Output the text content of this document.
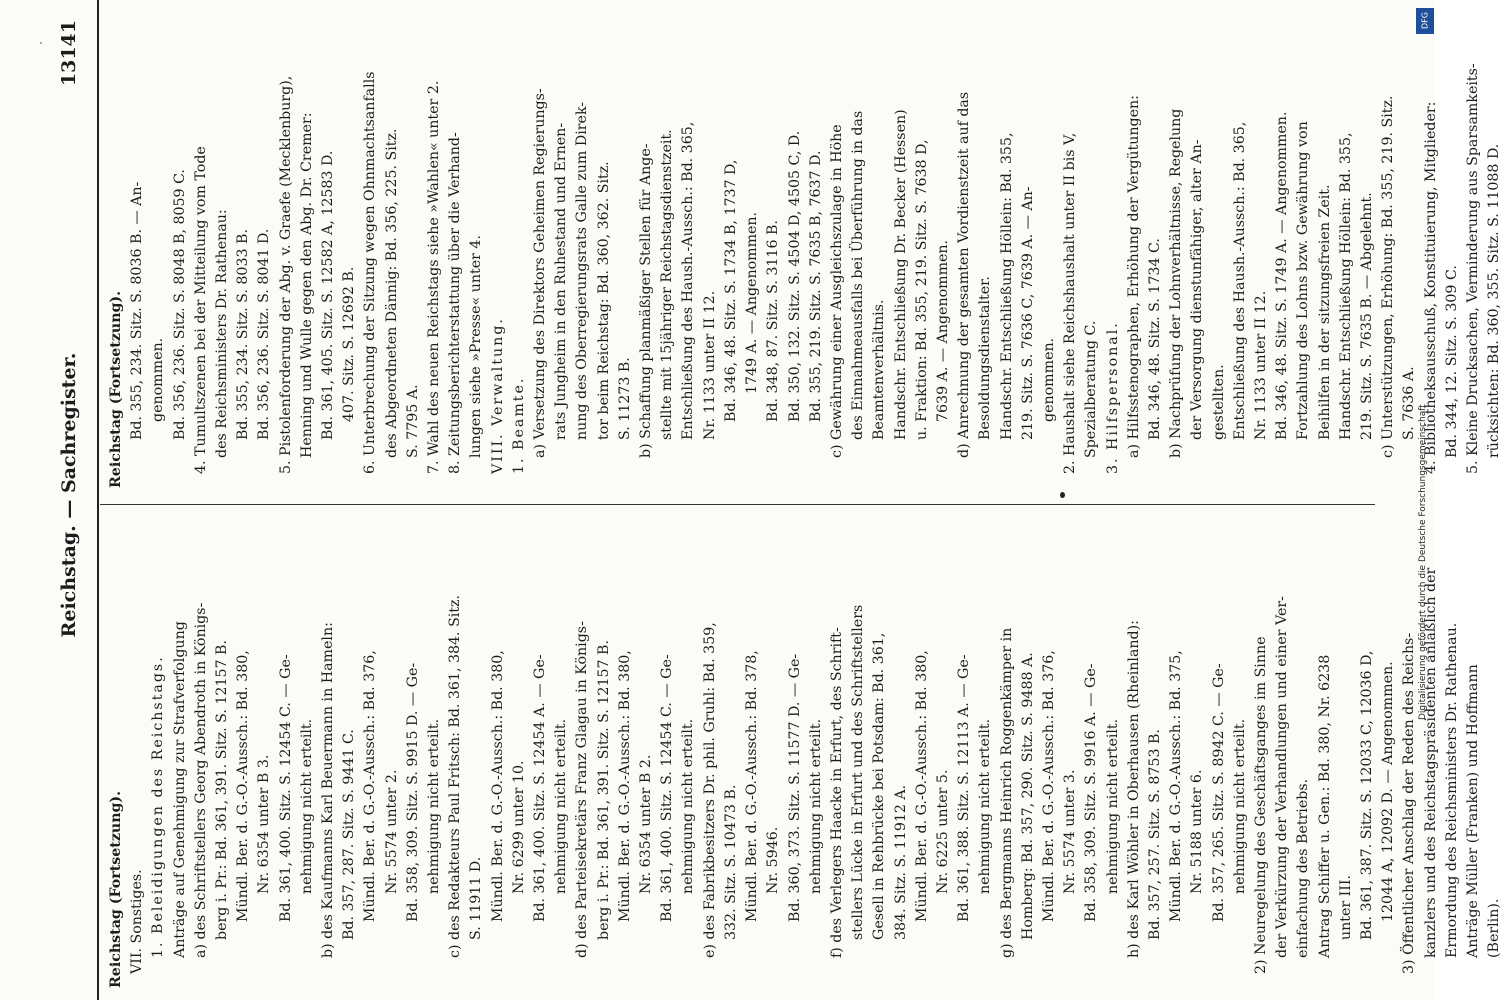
Reichstag. — Sachregister.
13141

Reichstag (Fortsetzung). VII. Sonstiges. 1. Beleidigungen des Reichstags. Anträge auf Genehmigung zur Strafverfolgung a) des Schriftstellers Georg Abendroth in Königs- berg i. Pr.: Bd. 361, 391. Sitz. S. 12157 B. Mündl. Ber. d. G.-O.-Aussch.: Bd. 380, Nr. 6354 unter B 3. Bd. 361, 400. Sitz. S. 12454 C. — Ge- nehmigung nicht erteilt. b) des Kaufmanns Karl Beuermann in Hameln: Bd. 357, 287. Sitz. S. 9441 C. Mündl. Ber. d. G.-O.-Aussch.: Bd. 376, Nr. 5574 unter 2. Bd. 358, 309. Sitz. S. 9915 D. — Ge- nehmigung nicht erteilt. c) des Redakteurs Paul Fritsch: Bd. 361, 384. Sitz. S. 11911 D. Mündl. Ber. d. G.-O.-Aussch.: Bd. 380, Nr. 6299 unter 10. Bd. 361, 400. Sitz. S. 12454 A. — Ge- nehmigung nicht erteilt. d) des Parteisekretärs Franz Glagau in Königs- berg i. Pr.: Bd. 361, 391. Sitz. S. 12157 B. Mündl. Ber. d. G.-O.-Aussch.: Bd. 380, Nr. 6354 unter B 2. Bd. 361, 400. Sitz. S. 12454 C. — Ge- nehmigung nicht erteilt. e) des Fabrikbesitzers Dr. phil. Gruhl: Bd. 359, 332. Sitz. S. 10473 B. Mündl. Ber. d. G.-O.-Aussch.: Bd. 378, Nr. 5946. Bd. 360, 373. Sitz. S. 11577 D. — Ge- nehmigung nicht erteilt. f) des Verlegers Haacke in Erfurt, des Schrift- stellers Lücke in Erfurt und des Schriftstellers Gesell in Rehbrücke bei Potsdam: Bd. 361, 384. Sitz. S. 11912 A. Mündl. Ber. d. G.-O.-Aussch.: Bd. 380, Nr. 6225 unter 5. Bd. 361, 388. Sitz. S. 12113 A. — Ge- nehmigung nicht erteilt. g) des Bergmanns Heinrich Roggenkämper in Homberg: Bd. 357, 290. Sitz. S. 9488 A. Mündl. Ber. d. G.-O.-Aussch.: Bd. 376, Nr. 5574 unter 3. Bd. 358, 309. Sitz. S. 9916 A. — Ge- nehmigung nicht erteilt. h) des Karl Wöhler in Oberhausen (Rheinland): Bd. 357, 257. Sitz. S. 8753 B. Mündl. Ber. d. G.-O.-Aussch.: Bd. 375, Nr. 5188 unter 6. Bd. 357, 265. Sitz. S. 8942 C. — Ge- nehmigung nicht erteilt. 2) Neuregelung des Geschäftsganges im Sinne der Verkürzung der Verhandlungen und einer Ver- einfachung des Betriebs. Antrag Schiffer u. Gen.: Bd. 380, Nr. 6238 unter III. Bd. 361, 387. Sitz. S. 12033 C, 12036 D, 12044 A, 12092 D. — Angenommen. 3) Öffentlicher Anschlag der Reden des Reichs- kanzlers und des Reichstagspräsidenten anläßlich der Ermordung des Reichsministers Dr. Rathenau. Anträge Müller (Franken) und Hoffmann (Berlin).

Reichstag (Fortsetzung). Bd. 355, 234. Sitz. S. 8036 B. — An- genommen. Bd. 356, 236. Sitz. S. 8048 B, 8059 C. 4. Tumultszenen bei der Mitteilung vom Tode des Reichsministers Dr. Rathenau: Bd. 355, 234. Sitz. S. 8033 B. Bd. 356, 236. Sitz. S. 8041 D. 5. Pistolenforderung der Abg. v. Graefe (Mecklenburg), Henning und Wulle gegen den Abg. Dr. Cremer: Bd. 361, 405. Sitz. S. 12582 A, 12583 D. 407. Sitz. S. 12692 B. 6. Unterbrechung der Sitzung wegen Ohnmachtsanfalls des Abgeordneten Dännig: Bd. 356, 225. Sitz. S. 7795 A. 7. Wahl des neuen Reichstags siehe »Wahlen« unter 2. 8. Zeitungsberichterstattung über die Verhand- lungen siehe »Presse« unter 4. VIII. Verwaltung. 1. Beamte. a) Versetzung des Direktors Geheimen Regierungs- rats Jungheim in den Ruhestand und Ernen- nung des Oberregierungsrats Galle zum Direk- tor beim Reichstag: Bd. 360, 362. Sitz. S. 11273 B. b) Schaffung planmäßiger Stellen für Ange- stellte mit 15jähriger Reichstagsdienstzeit. Entschließung des Haush.-Aussch.: Bd. 365, Nr. 1133 unter II 12. Bd. 346, 48. Sitz. S. 1734 B, 1737 D, 1749 A. — Angenommen. Bd. 348, 87. Sitz. S. 3116 B. Bd. 350, 132. Sitz. S. 4504 D, 4505 C, D. Bd. 355, 219. Sitz. S. 7635 B, 7637 D. c) Gewährung einer Ausgleichszulage in Höhe des Einnahmeausfalls bei Überführung in das Beamtenverhältnis. Handschr. Entschließung Dr. Becker (Hessen) u. Fraktion: Bd. 355, 219. Sitz. S. 7638 D, 7639 A. — Angenommen. d) Anrechnung der gesamten Vordienstzeit auf das Besoldungsdienstalter. Handschr. Entschließung Höllein: Bd. 355, 219. Sitz. S. 7636 C, 7639 A. — An- genommen. 2. Haushalt siehe Reichshaushalt unter II bis V, Spezialberatung C. 3. Hilfspersonal. a) Hilfsstenographen, Erhöhung der Vergütungen: Bd. 346, 48. Sitz. S. 1734 C. b) Nachprüfung der Lohnverhältnisse, Regelung der Versorgung dienstunfähiger, alter An- gestellten. Entschließung des Haush.-Aussch.: Bd. 365, Nr. 1133 unter II 12. Bd. 346, 48. Sitz. S. 1749 A. — Angenommen. Fortzahlung des Lohns bzw. Gewährung von Beihilfen in der sitzungsfreien Zeit. Handschr. Entschließung Höllein: Bd. 355, 219. Sitz. S. 7635 B. — Abgelehnt. c) Unterstützungen, Erhöhung: Bd. 355, 219. Sitz. S. 7636 A. 4. Bibliotheksausschuß, Konstituierung, Mitglieder: Bd. 344, 12. Sitz. S. 309 C. 5. Kleine Drucksachen, Verminderung aus Sparsamkeits- rücksichten: Bd. 360, 355. Sitz. S. 11088 D.

DFG
Digitalisierung gefördert durch die Deutsche Forschungsgemeinschaft
